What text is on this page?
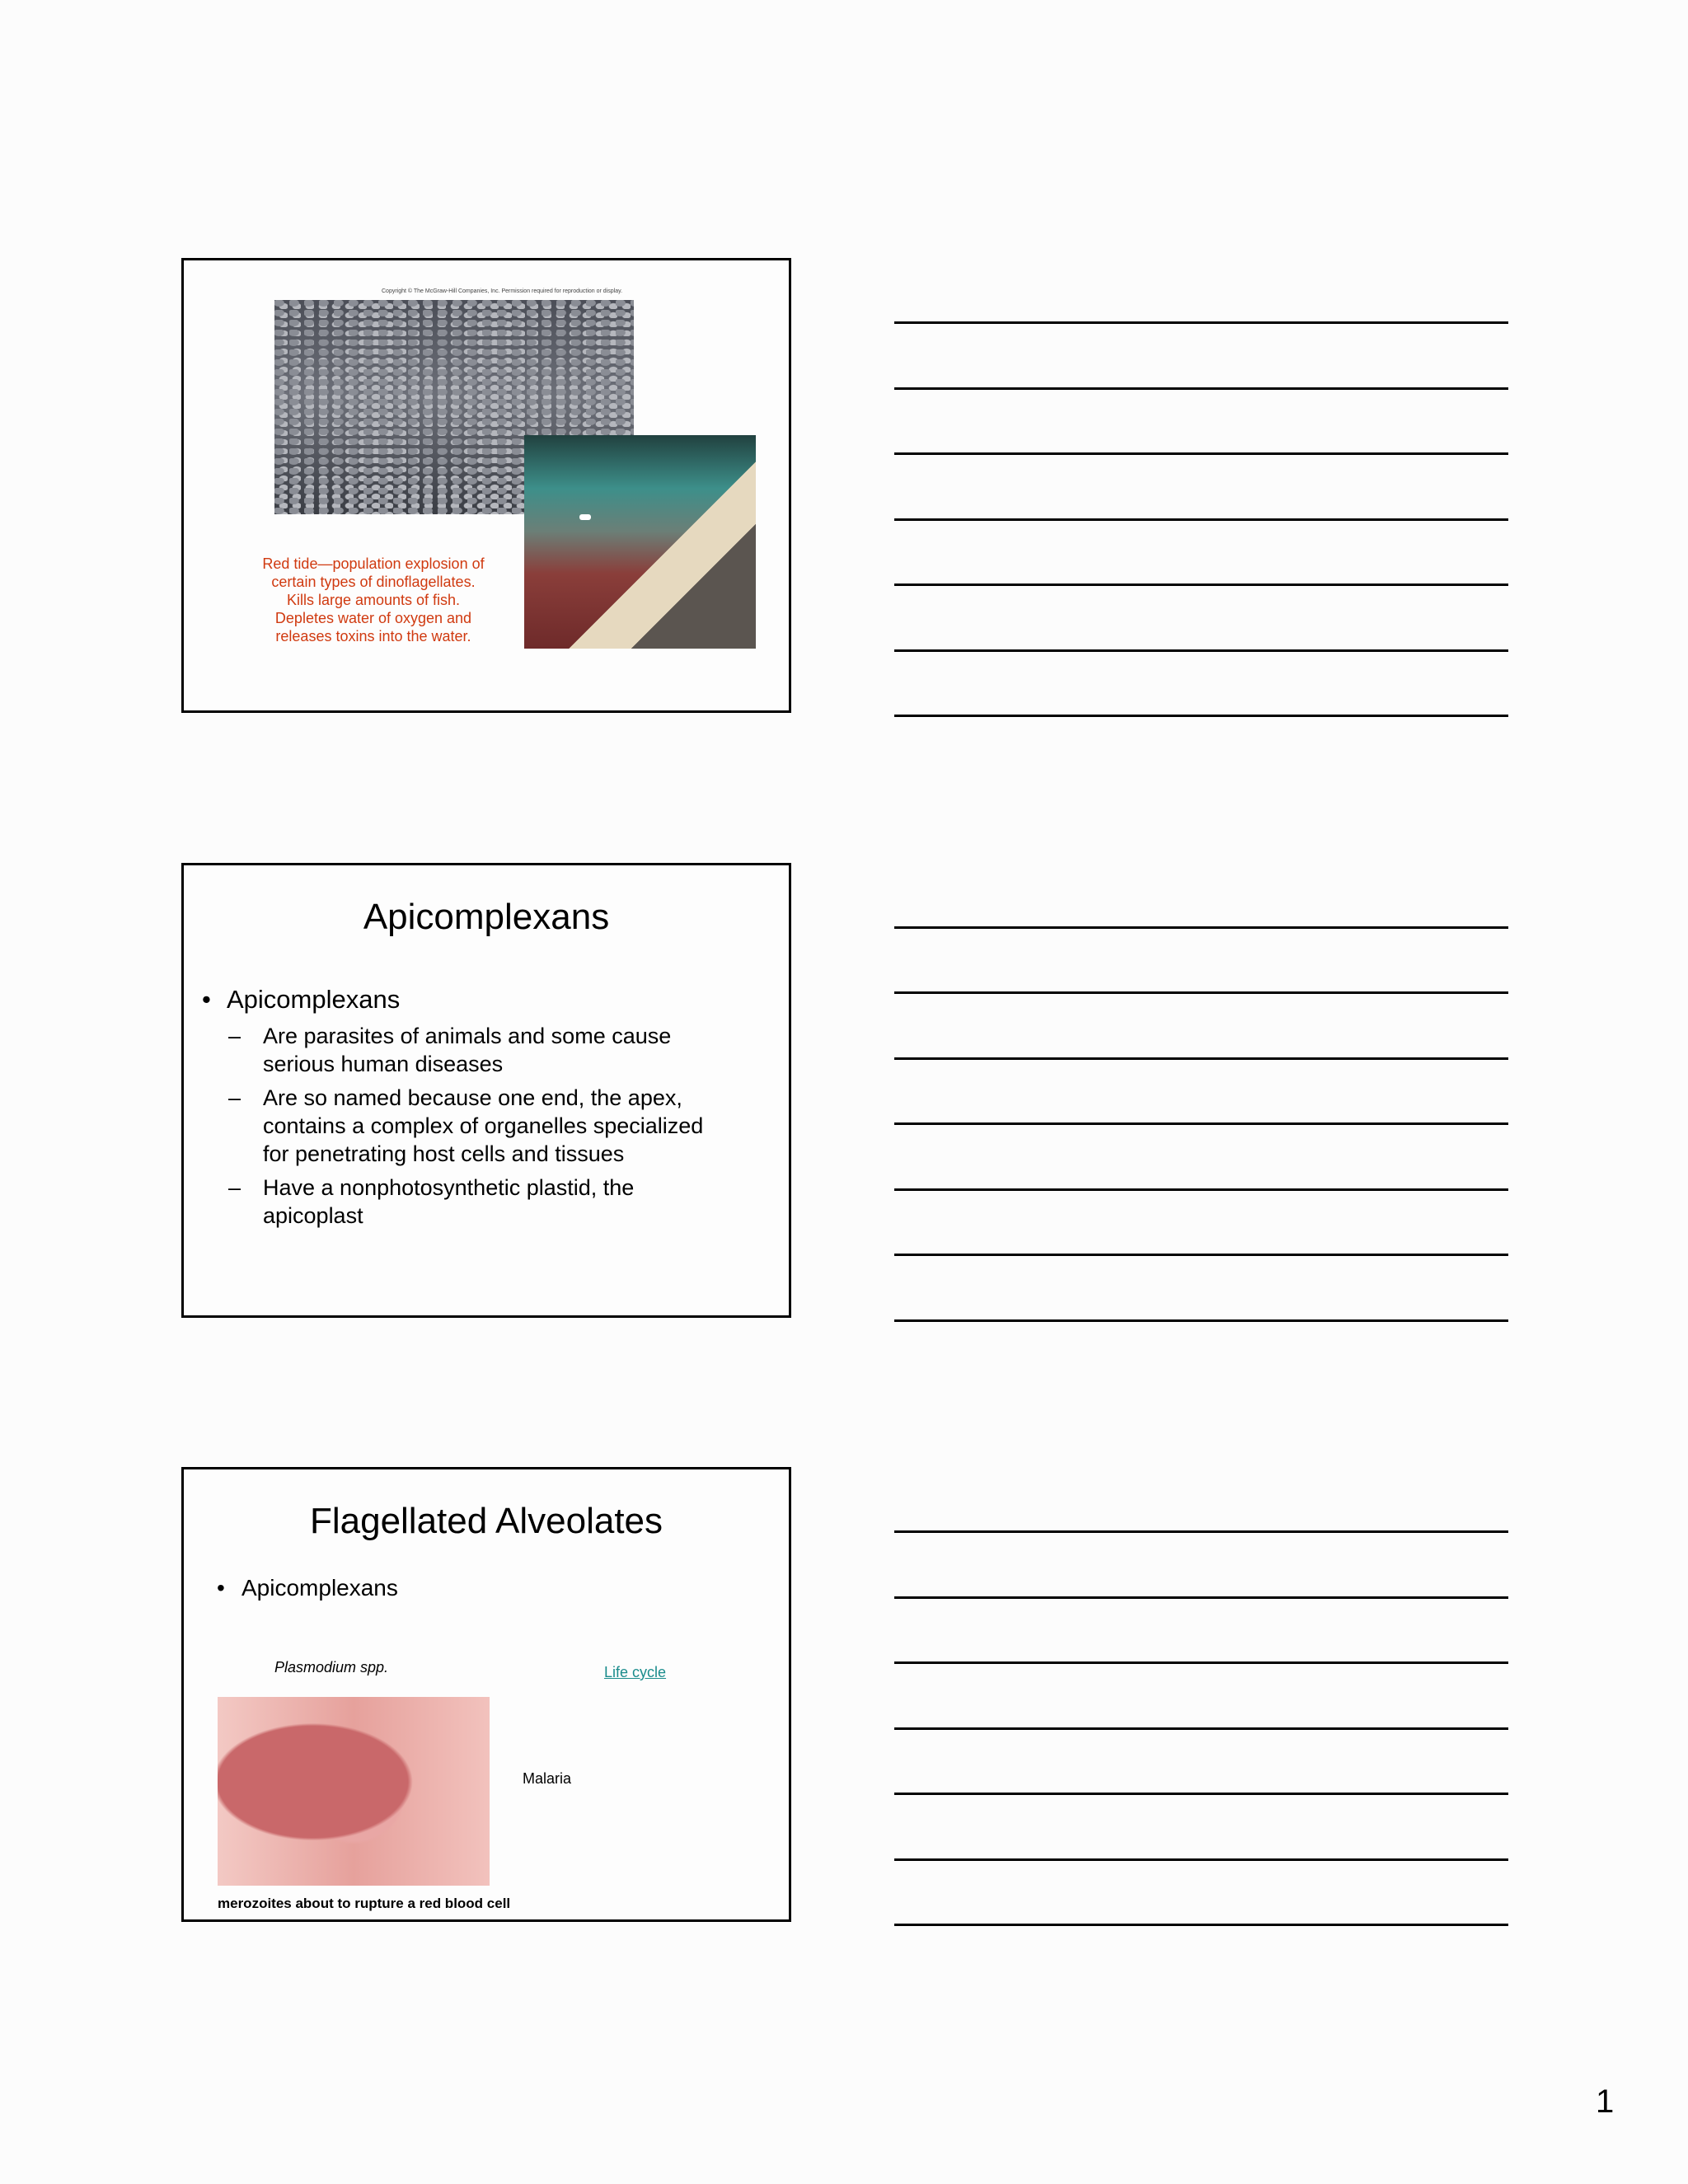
Copyright © The McGraw-Hill Companies, Inc. Permission required for reproduction or display.
Red tide—population explosion of
certain types of dinoflagellates.
Kills large amounts of fish.
Depletes water of oxygen and
releases toxins into the water.
Apicomplexans
• Apicomplexans
– Are parasites of animals and some cause
serious human diseases
– Are so named because one end, the apex,
contains a complex of organelles specialized
for penetrating host cells and tissues
– Have a nonphotosynthetic plastid, the
apicoplast
Flagellated Alveolates
• Apicomplexans
Plasmodium spp.	Life cycle
Malaria
merozoites about to rupture a red blood cell
1
